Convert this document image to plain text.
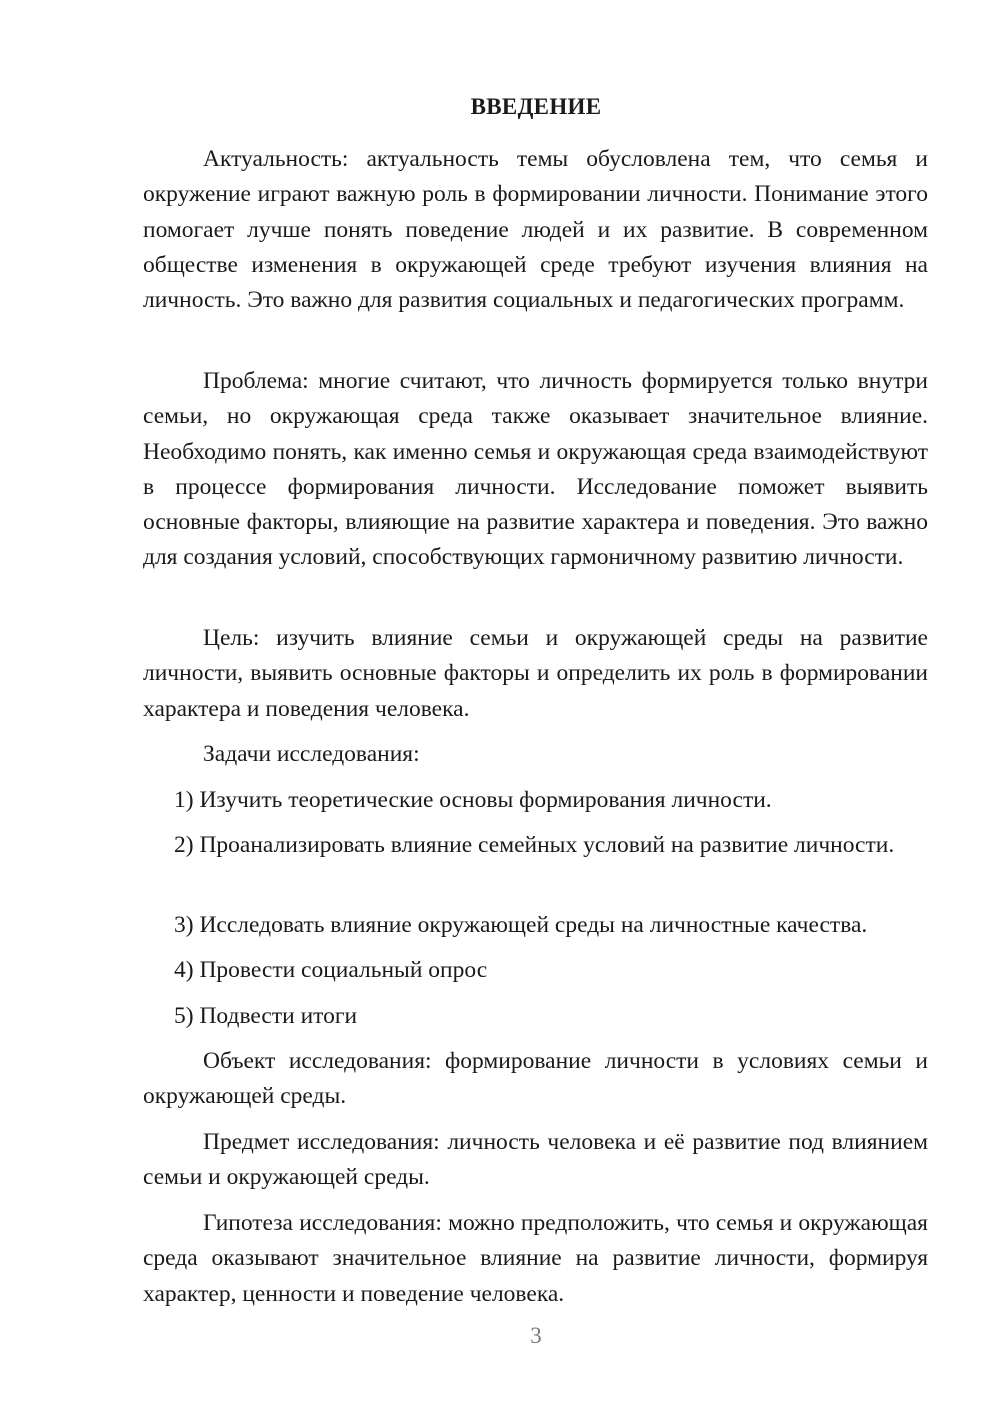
ВВЕДЕНИЕ

Актуальность: актуальность темы обусловлена тем, что семья и окружение играют важную роль в формировании личности. Понимание этого помогает лучше понять поведение людей и их развитие. В современном обществе изменения в окружающей среде требуют изучения влияния на личность. Это важно для развития социальных и педагогических программ.

Проблема: многие считают, что личность формируется только внутри семьи, но окружающая среда также оказывает значительное влияние. Необходимо понять, как именно семья и окружающая среда взаимодействуют в процессе формирования личности. Исследование поможет выявить основные факторы, влияющие на развитие характера и поведения. Это важно для создания условий, способствующих гармоничному развитию личности.

Цель: изучить влияние семьи и окружающей среды на развитие личности, выявить основные факторы и определить их роль в формировании характера и поведения человека.

Задачи исследования:

1) Изучить теоретические основы формирования личности.

2) Проанализировать влияние семейных условий на развитие личности.

3) Исследовать влияние окружающей среды на личностные качества.

4) Провести социальный опрос

5) Подвести итоги

Объект исследования: формирование личности в условиях семьи и окружающей среды.

Предмет исследования: личность человека и её развитие под влиянием семьи и окружающей среды.

Гипотеза исследования: можно предположить, что семья и окружающая среда оказывают значительное влияние на развитие личности, формируя характер, ценности и поведение человека.

3
